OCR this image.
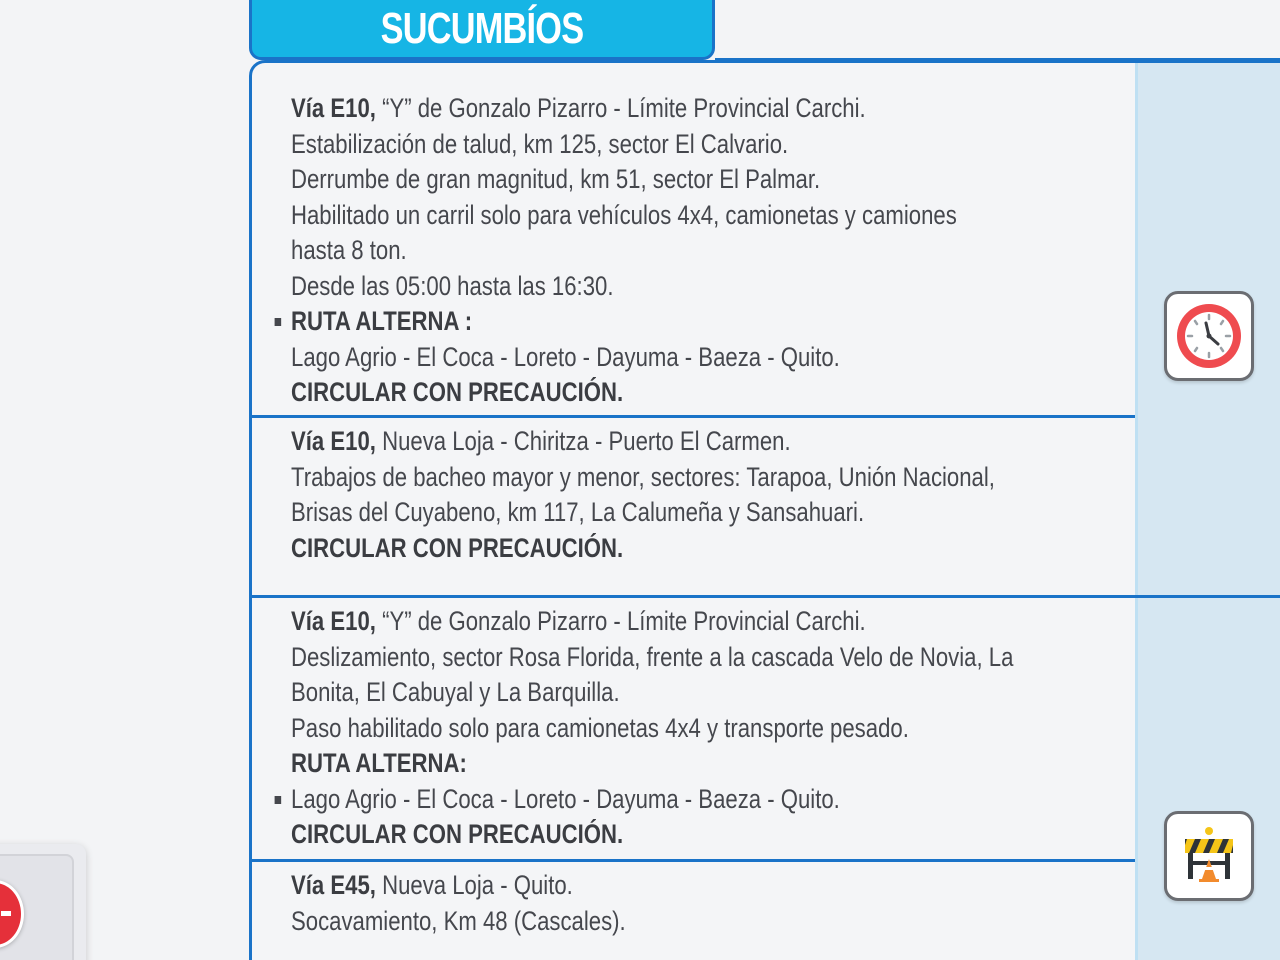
SUCUMBÍOS
Vía E10, “Y” de Gonzalo Pizarro - Límite Provincial Carchi.
Estabilización de talud, km 125, sector El Calvario.
Derrumbe de gran magnitud, km 51, sector El Palmar.
Habilitado un carril solo para vehículos 4x4, camionetas y camiones
hasta 8 ton.
Desde las 05:00 hasta las 16:30.
RUTA ALTERNA :
Lago Agrio - El Coca - Loreto - Dayuma - Baeza - Quito.
CIRCULAR CON PRECAUCIÓN.
Vía E10, Nueva Loja - Chiritza - Puerto El Carmen.
Trabajos de bacheo mayor y menor, sectores: Tarapoa, Unión Nacional,
Brisas del Cuyabeno, km 117, La Calumeña y Sansahuari.
CIRCULAR CON PRECAUCIÓN.
Vía E10, “Y” de Gonzalo Pizarro - Límite Provincial Carchi.
Deslizamiento, sector Rosa Florida, frente a la cascada Velo de Novia, La
Bonita, El Cabuyal y La Barquilla.
Paso habilitado solo para camionetas 4x4 y transporte pesado.
RUTA ALTERNA:
Lago Agrio - El Coca - Loreto - Dayuma - Baeza - Quito.
CIRCULAR CON PRECAUCIÓN.
Vía E45, Nueva Loja - Quito.
Socavamiento, Km 48 (Cascales).
